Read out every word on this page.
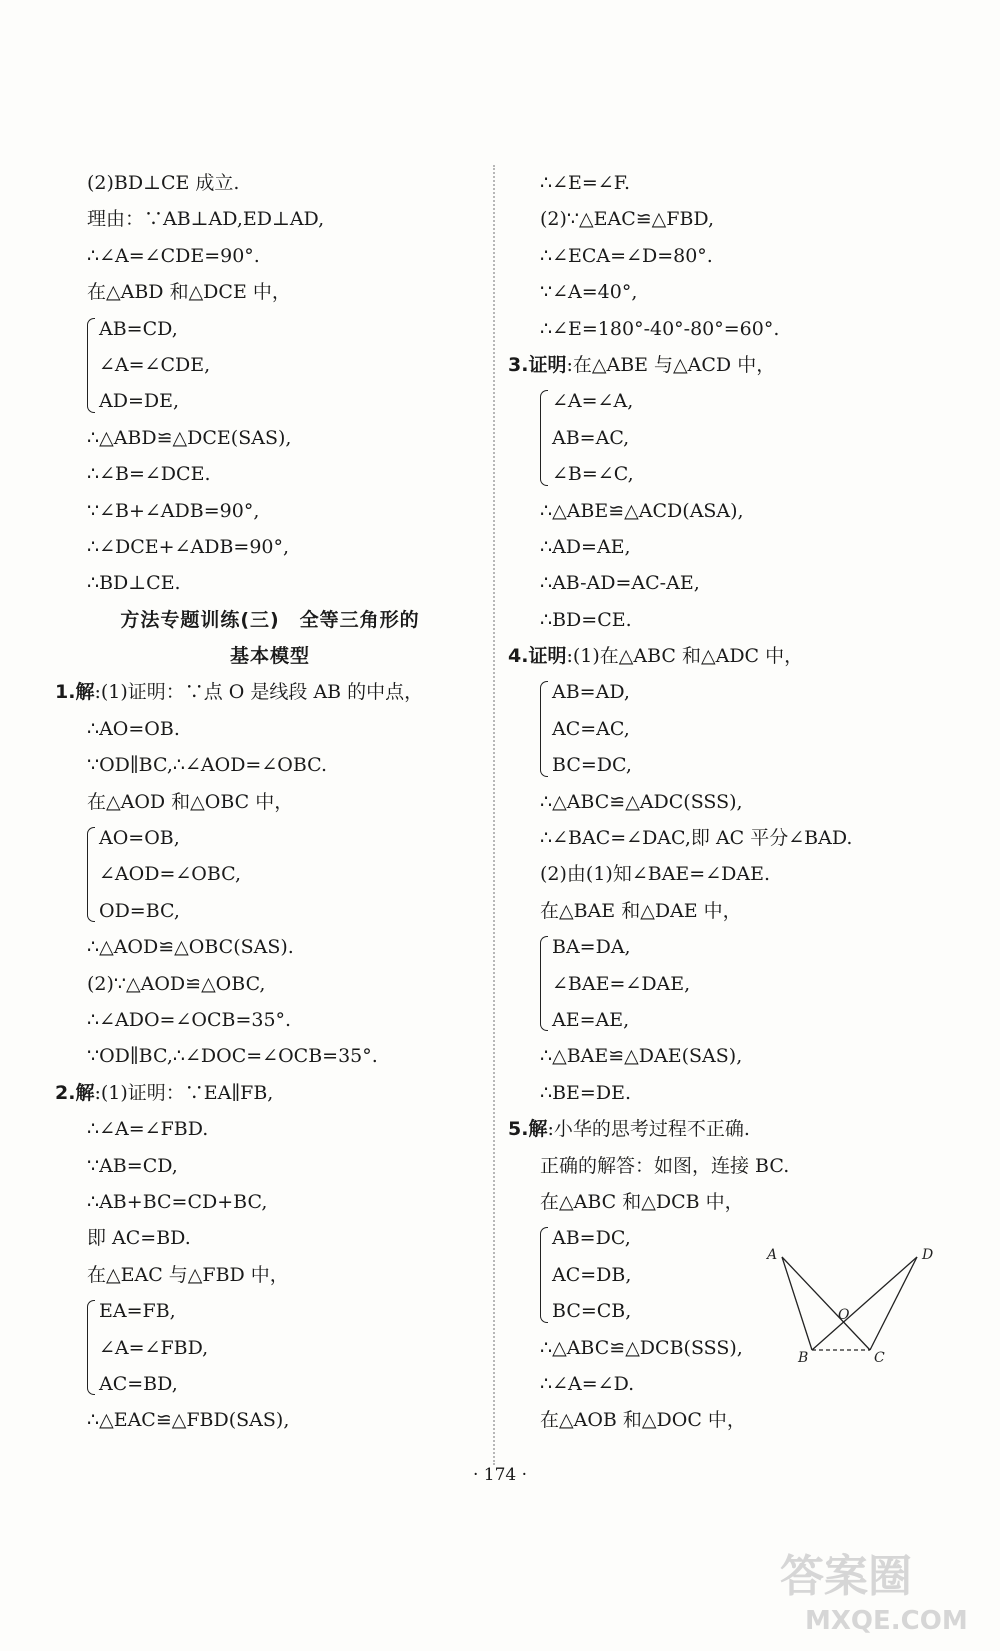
(2)BD⊥CE 成立.
理由：∵AB⊥AD,ED⊥AD,
∴∠A=∠CDE=90°.
在△ABD 和△DCE 中，
AB=CD,
∠A=∠CDE,
AD=DE,
∴△ABD≌△DCE(SAS),
∴∠B=∠DCE.
∵∠B+∠ADB=90°,
∴∠DCE+∠ADB=90°,
∴BD⊥CE.
方法专题训练(三)　全等三角形的
基本模型
1.解:(1)证明：∵点 O 是线段 AB 的中点，
∴AO=OB.
∵OD∥BC,∴∠AOD=∠OBC.
在△AOD 和△OBC 中，
AO=OB,
∠AOD=∠OBC,
OD=BC,
∴△AOD≌△OBC(SAS).
(2)∵△AOD≌△OBC,
∴∠ADO=∠OCB=35°.
∵OD∥BC,∴∠DOC=∠OCB=35°.
2.解:(1)证明：∵EA∥FB,
∴∠A=∠FBD.
∵AB=CD,
∴AB+BC=CD+BC,
即 AC=BD.
在△EAC 与△FBD 中，
EA=FB,
∠A=∠FBD,
AC=BD,
∴△EAC≌△FBD(SAS),
∴∠E=∠F.
(2)∵△EAC≌△FBD,
∴∠ECA=∠D=80°.
∵∠A=40°,
∴∠E=180°-40°-80°=60°.
3.证明:在△ABE 与△ACD 中，
∠A=∠A,
AB=AC,
∠B=∠C,
∴△ABE≌△ACD(ASA),
∴AD=AE,
∴AB-AD=AC-AE,
∴BD=CE.
4.证明:(1)在△ABC 和△ADC 中，
AB=AD,
AC=AC,
BC=DC,
∴△ABC≌△ADC(SSS),
∴∠BAC=∠DAC,即 AC 平分∠BAD.
(2)由(1)知∠BAE=∠DAE.
在△BAE 和△DAE 中，
BA=DA,
∠BAE=∠DAE,
AE=AE,
∴△BAE≌△DAE(SAS),
∴BE=DE.
5.解:小华的思考过程不正确.
正确的解答：如图，连接 BC.
在△ABC 和△DCB 中，
AB=DC,
AC=DB,
BC=CB,
∴△ABC≌△DCB(SSS),
∴∠A=∠D.
在△AOB 和△DOC 中，
A	D
O
B	C
· 174 ·
答案圈
MXQE.COM
